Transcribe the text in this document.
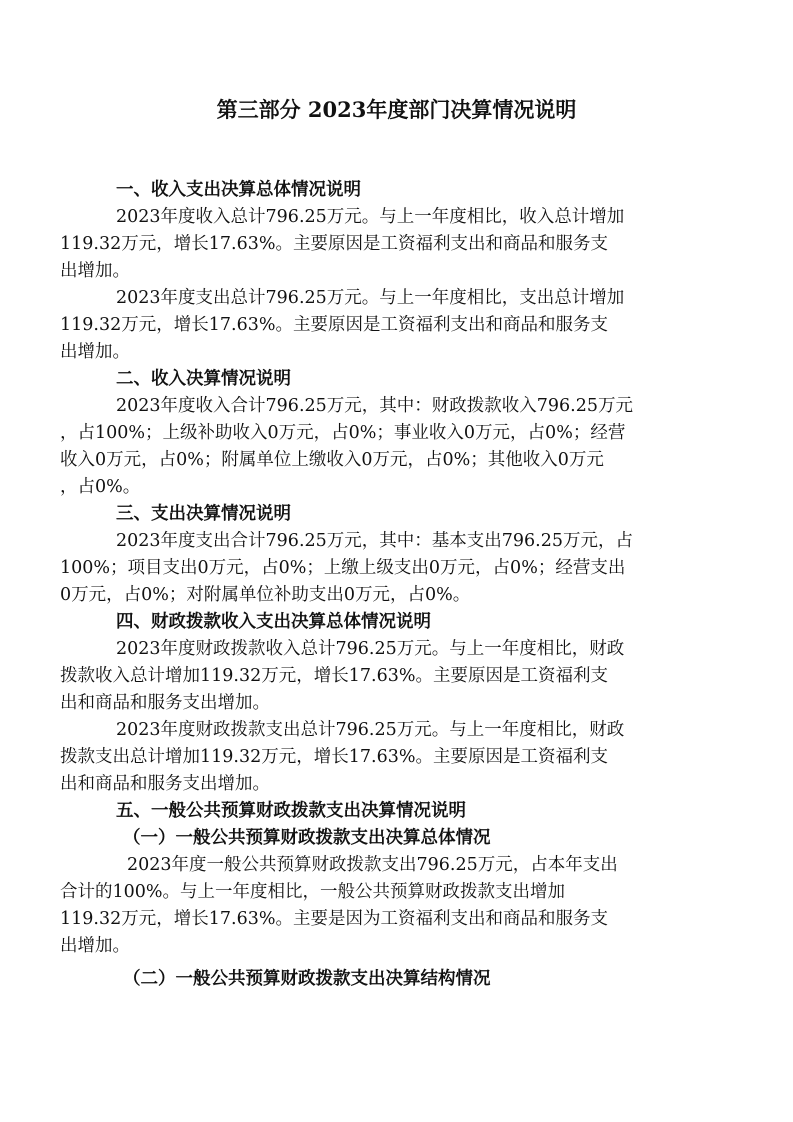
第三部分 2023年度部门决算情况说明
一、收入支出决算总体情况说明
2023年度收入总计796.25万元。与上一年度相比，收入总计增加
119.32万元，增长17.63%。主要原因是工资福利支出和商品和服务支
出增加。
2023年度支出总计796.25万元。与上一年度相比，支出总计增加
119.32万元，增长17.63%。主要原因是工资福利支出和商品和服务支
出增加。
二、收入决算情况说明
2023年度收入合计796.25万元，其中：财政拨款收入796.25万元
，占100%；上级补助收入0万元，占0%；事业收入0万元，占0%；经营
收入0万元，占0%；附属单位上缴收入0万元，占0%；其他收入0万元
，占0%。
三、支出决算情况说明
2023年度支出合计796.25万元，其中：基本支出796.25万元，占
100%；项目支出0万元，占0%；上缴上级支出0万元，占0%；经营支出
0万元，占0%；对附属单位补助支出0万元，占0%。
四、财政拨款收入支出决算总体情况说明
2023年度财政拨款收入总计796.25万元。与上一年度相比，财政
拨款收入总计增加119.32万元，增长17.63%。主要原因是工资福利支
出和商品和服务支出增加。
2023年度财政拨款支出总计796.25万元。与上一年度相比，财政
拨款支出总计增加119.32万元，增长17.63%。主要原因是工资福利支
出和商品和服务支出增加。
五、一般公共预算财政拨款支出决算情况说明
（一）一般公共预算财政拨款支出决算总体情况
2023年度一般公共预算财政拨款支出796.25万元，占本年支出
合计的100%。与上一年度相比，一般公共预算财政拨款支出增加
119.32万元，增长17.63%。主要是因为工资福利支出和商品和服务支
出增加。
（二）一般公共预算财政拨款支出决算结构情况
